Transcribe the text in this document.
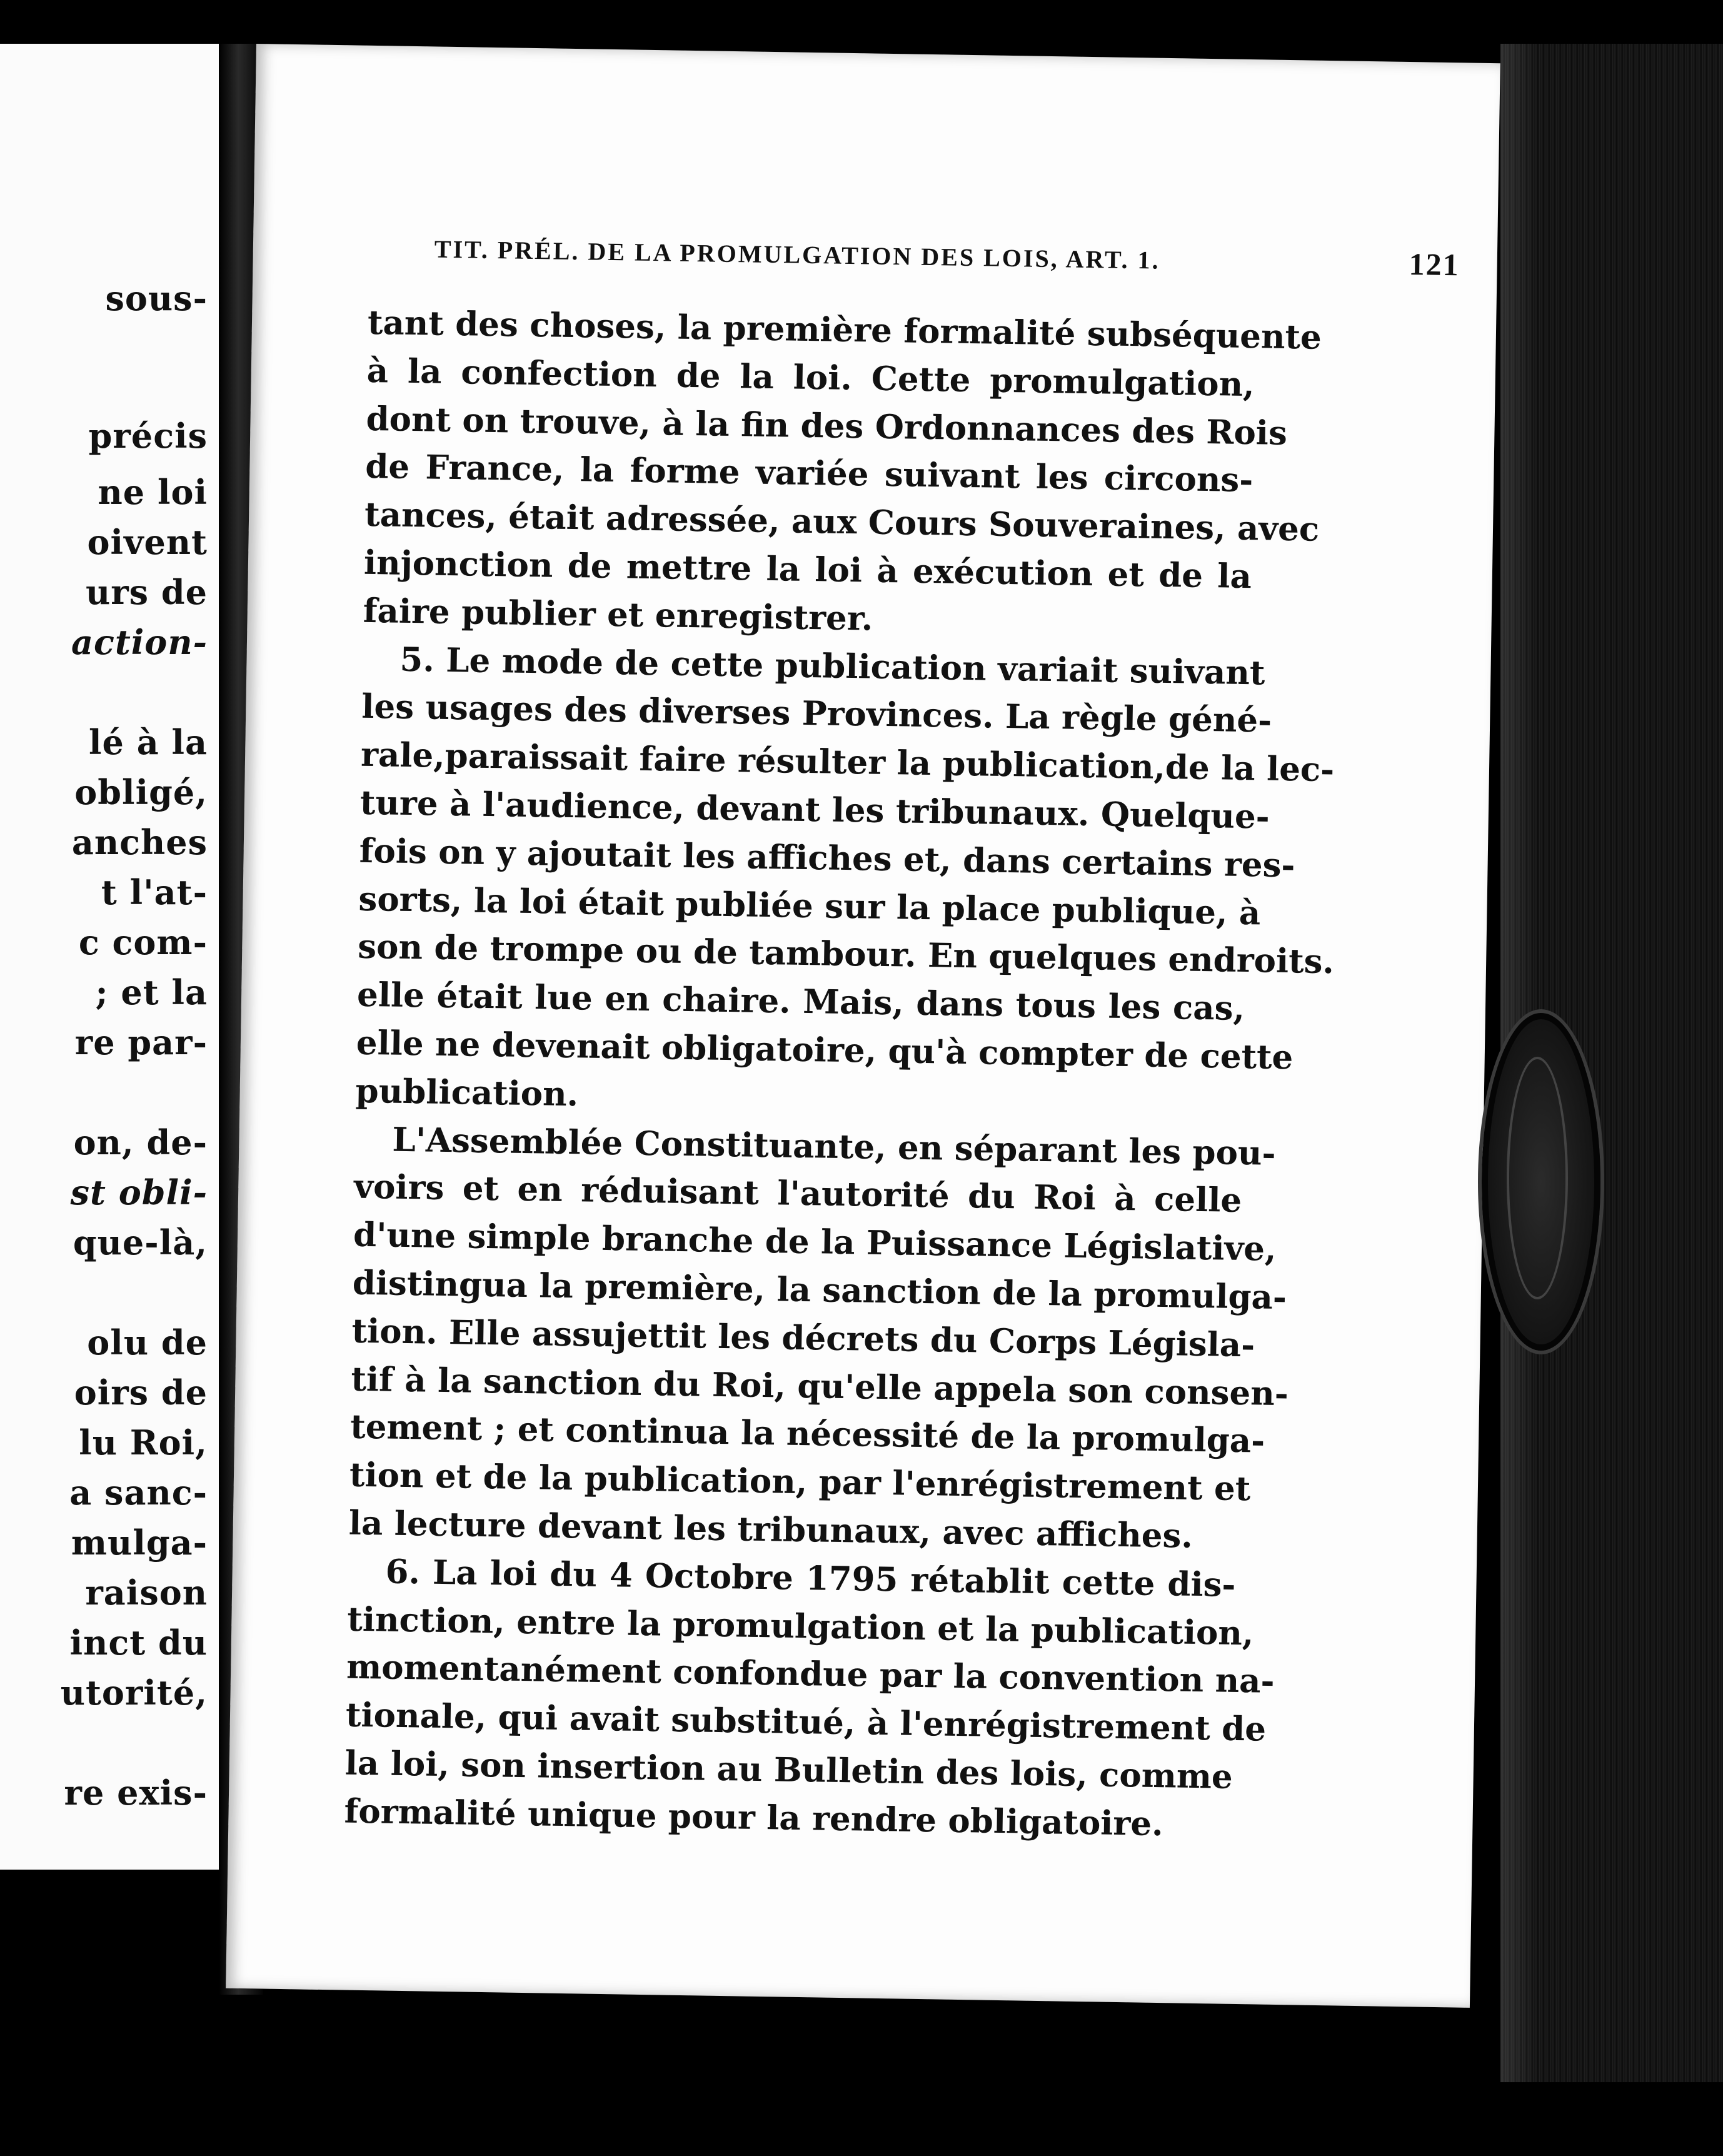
sous-
précis
ne loi
oivent
urs de
action-
lé à la
obligé,
anches
t l'at-
c com-
; et la
re par-
on, de-
st obli-
que-là,
olu de
oirs de
lu Roi,
a sanc-
mulga-
raison
inct du
utorité,
re exis-
TIT. PRÉL. DE LA PROMULGATION DES LOIS, ART. 1.	121
tant des choses, la première formalité subséquente
à la confection de la loi. Cette promulgation,
dont on trouve, à la fin des Ordonnances des Rois
de France, la forme variée suivant les circons-
tances, était adressée, aux Cours Souveraines, avec
injonction de mettre la loi à exécution et de la
faire publier et enregistrer.
5. Le mode de cette publication variait suivant
les usages des diverses Provinces. La règle géné-
rale,paraissait faire résulter la publication,de la lec-
ture à l'audience, devant les tribunaux. Quelque-
fois on y ajoutait les affiches et, dans certains res-
sorts, la loi était publiée sur la place publique, à
son de trompe ou de tambour. En quelques endroits.
elle était lue en chaire. Mais, dans tous les cas,
elle ne devenait obligatoire, qu'à compter de cette
publication.
L'Assemblée Constituante, en séparant les pou-
voirs et en réduisant l'autorité du Roi à celle
d'une simple branche de la Puissance Législative,
distingua la première, la sanction de la promulga-
tion. Elle assujettit les décrets du Corps Législa-
tif à la sanction du Roi, qu'elle appela son consen-
tement ; et continua la nécessité de la promulga-
tion et de la publication, par l'enrégistrement et
la lecture devant les tribunaux, avec affiches.
6. La loi du 4 Octobre 1795 rétablit cette dis-
tinction, entre la promulgation et la publication,
momentanément confondue par la convention na-
tionale, qui avait substitué, à l'enrégistrement de
la loi, son insertion au Bulletin des lois, comme
formalité unique pour la rendre obligatoire.
